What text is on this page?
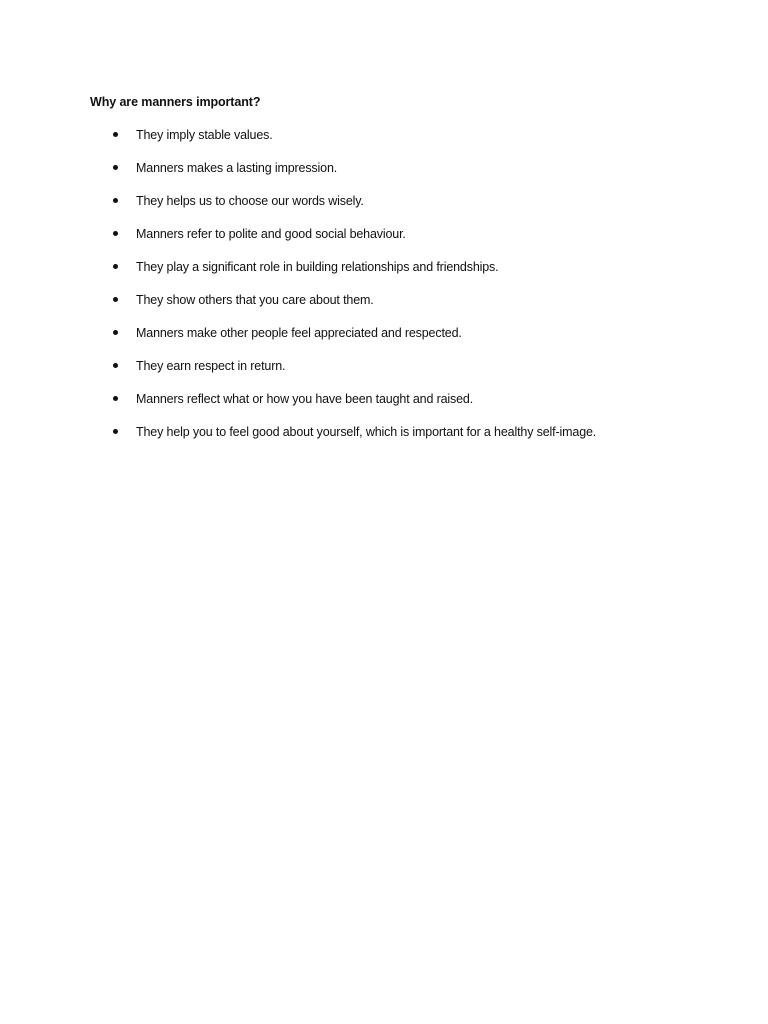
Why are manners important?
They imply stable values.
Manners makes a lasting impression.
They helps us to choose our words wisely.
Manners refer to polite and good social behaviour.
They play a significant role in building relationships and friendships.
They show others that you care about them.
Manners make other people feel appreciated and respected.
They earn respect in return.
Manners reflect what or how you have been taught and raised.
They help you to feel good about yourself, which is important for a healthy self-image.
